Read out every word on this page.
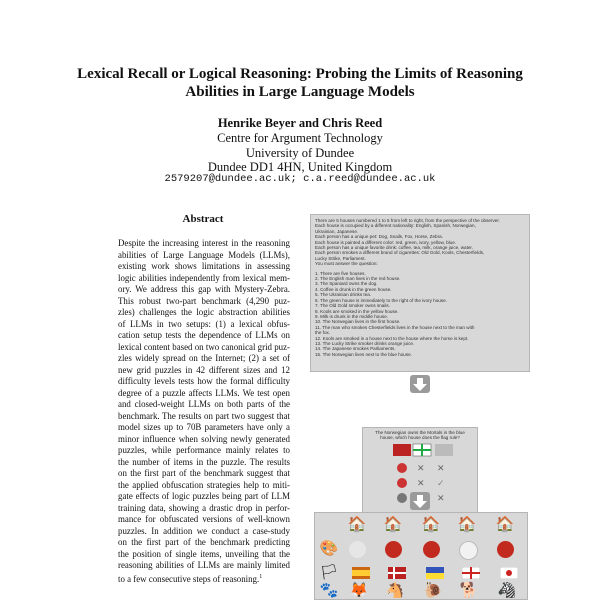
Lexical Recall or Logical Reasoning: Probing the Limits of Reasoning
Abilities in Large Language Models
Henrike Beyer and Chris Reed
Centre for Argument Technology
University of Dundee
Dundee DD1 4HN, United Kingdom
2579207@dundee.ac.uk; c.a.reed@dundee.ac.uk
Abstract
Despite the increasing interest in the reasoning
abilities of Large Language Models (LLMs),
existing work shows limitations in assessing
logic abilities independently from lexical mem-
ory. We address this gap with Mystery-Zebra.
This robust two-part benchmark (4,290 puz-
zles) challenges the logic abstraction abilities
of LLMs in two setups: (1) a lexical obfus-
cation setup tests the dependence of LLMs on
lexical content based on two canonical grid puz-
zles widely spread on the Internet; (2) a set of
new grid puzzles in 42 different sizes and 12
difficulty levels tests how the formal difficulty
degree of a puzzle affects LLMs. We test open
and closed-weight LLMs on both parts of the
benchmark. The results on part two suggest that
model sizes up to 70B parameters have only a
minor influence when solving newly generated
puzzles, while performance mainly relates to
the number of items in the puzzle. The results
on the first part of the benchmark suggest that
the applied obfuscation strategies help to miti-
gate effects of logic puzzles being part of LLM
training data, showing a drastic drop in perfor-
mance for obfuscated versions of well-known
puzzles. In addition we conduct a case-study
on the first part of the benchmark predicting
the position of single items, unveiling that the
reasoning abilities of LLMs are mainly limited
to a few consecutive steps of reasoning.$^1$
There are 5 houses numbered 1 to 5 from left to right, from the perspective of the observer.
Each house is occupied by a different nationality: English, Spanish, Norwegian,
Ukrainian, Japanese.
Each person has a unique pet: Dog, Snails, Fox, Horse, Zebra.
Each house is painted a different color: red, green, ivory, yellow, blue.
Each person has a unique favorite drink: coffee, tea, milk, orange juice, water.
Each person smokes a different brand of cigarettes: Old Gold, Kools, Chesterfields,
Lucky Strike, Parliament.
You must answer the question:
1. There are five houses.
2. The English man lives in the red house.
3. The Spaniard owns the dog.
4. Coffee is drunk in the green house.
5. The Ukrainian drinks tea.
6. The green house is immediately to the right of the ivory house.
7. The Old Gold smoker owns snails.
8. Kools are smoked in the yellow house.
9. Milk is drunk in the middle house.
10. The Norwegian lives in the first house.
11. The man who smokes Chesterfields lives in the house next to the man with
the fox.
12. Kools are smoked in a house next to the house where the horse is kept.
13. The Lucky Strike smoker drinks orange juice.
14. The Japanese smokes Parliaments.
15. The Norwegian lives next to the blue house.
The Norwegian owns the Mortals in the blue
house, which house does the flag rule?
✕ ✕
✕ ✓
✕
🏠 🏠 🏠 🏠 🏠
🎨
🏳
🐾 🦊 🐴 🐌 🐕 🦓
